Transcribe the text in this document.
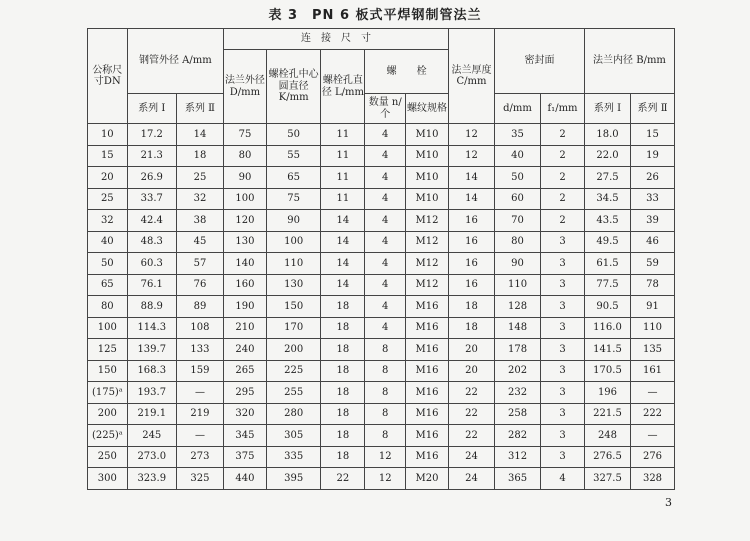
表 3　PN 6 板式平焊钢制管法兰
公称尺寸DN	钢管外径 A/mm		连　接　尺　寸					法兰厚度 C/mm	密封面		法兰内径 B/mm	
			法兰外径 D/mm	螺栓孔中心圆直径 K/mm	螺栓孔直径 L/mm	螺　　栓						
	系列 Ⅰ	系列 Ⅱ				数量 n/个	螺纹规格		d/mm	f₁/mm	系列 Ⅰ	系列 Ⅱ
10	17.2	14	75	50	11	4	M10	12	35	2	18.0	15
15	21.3	18	80	55	11	4	M10	12	40	2	22.0	19
20	26.9	25	90	65	11	4	M10	14	50	2	27.5	26
25	33.7	32	100	75	11	4	M10	14	60	2	34.5	33
32	42.4	38	120	90	14	4	M12	16	70	2	43.5	39
40	48.3	45	130	100	14	4	M12	16	80	3	49.5	46
50	60.3	57	140	110	14	4	M12	16	90	3	61.5	59
65	76.1	76	160	130	14	4	M12	16	110	3	77.5	78
80	88.9	89	190	150	18	4	M16	18	128	3	90.5	91
100	114.3	108	210	170	18	4	M16	18	148	3	116.0	110
125	139.7	133	240	200	18	8	M16	20	178	3	141.5	135
150	168.3	159	265	225	18	8	M16	20	202	3	170.5	161
(175)ᵃ	193.7	—	295	255	18	8	M16	22	232	3	196	—
200	219.1	219	320	280	18	8	M16	22	258	3	221.5	222
(225)ᵃ	245	—	345	305	18	8	M16	22	282	3	248	—
250	273.0	273	375	335	18	12	M16	24	312	3	276.5	276
300	323.9	325	440	395	22	12	M20	24	365	4	327.5	328
3
